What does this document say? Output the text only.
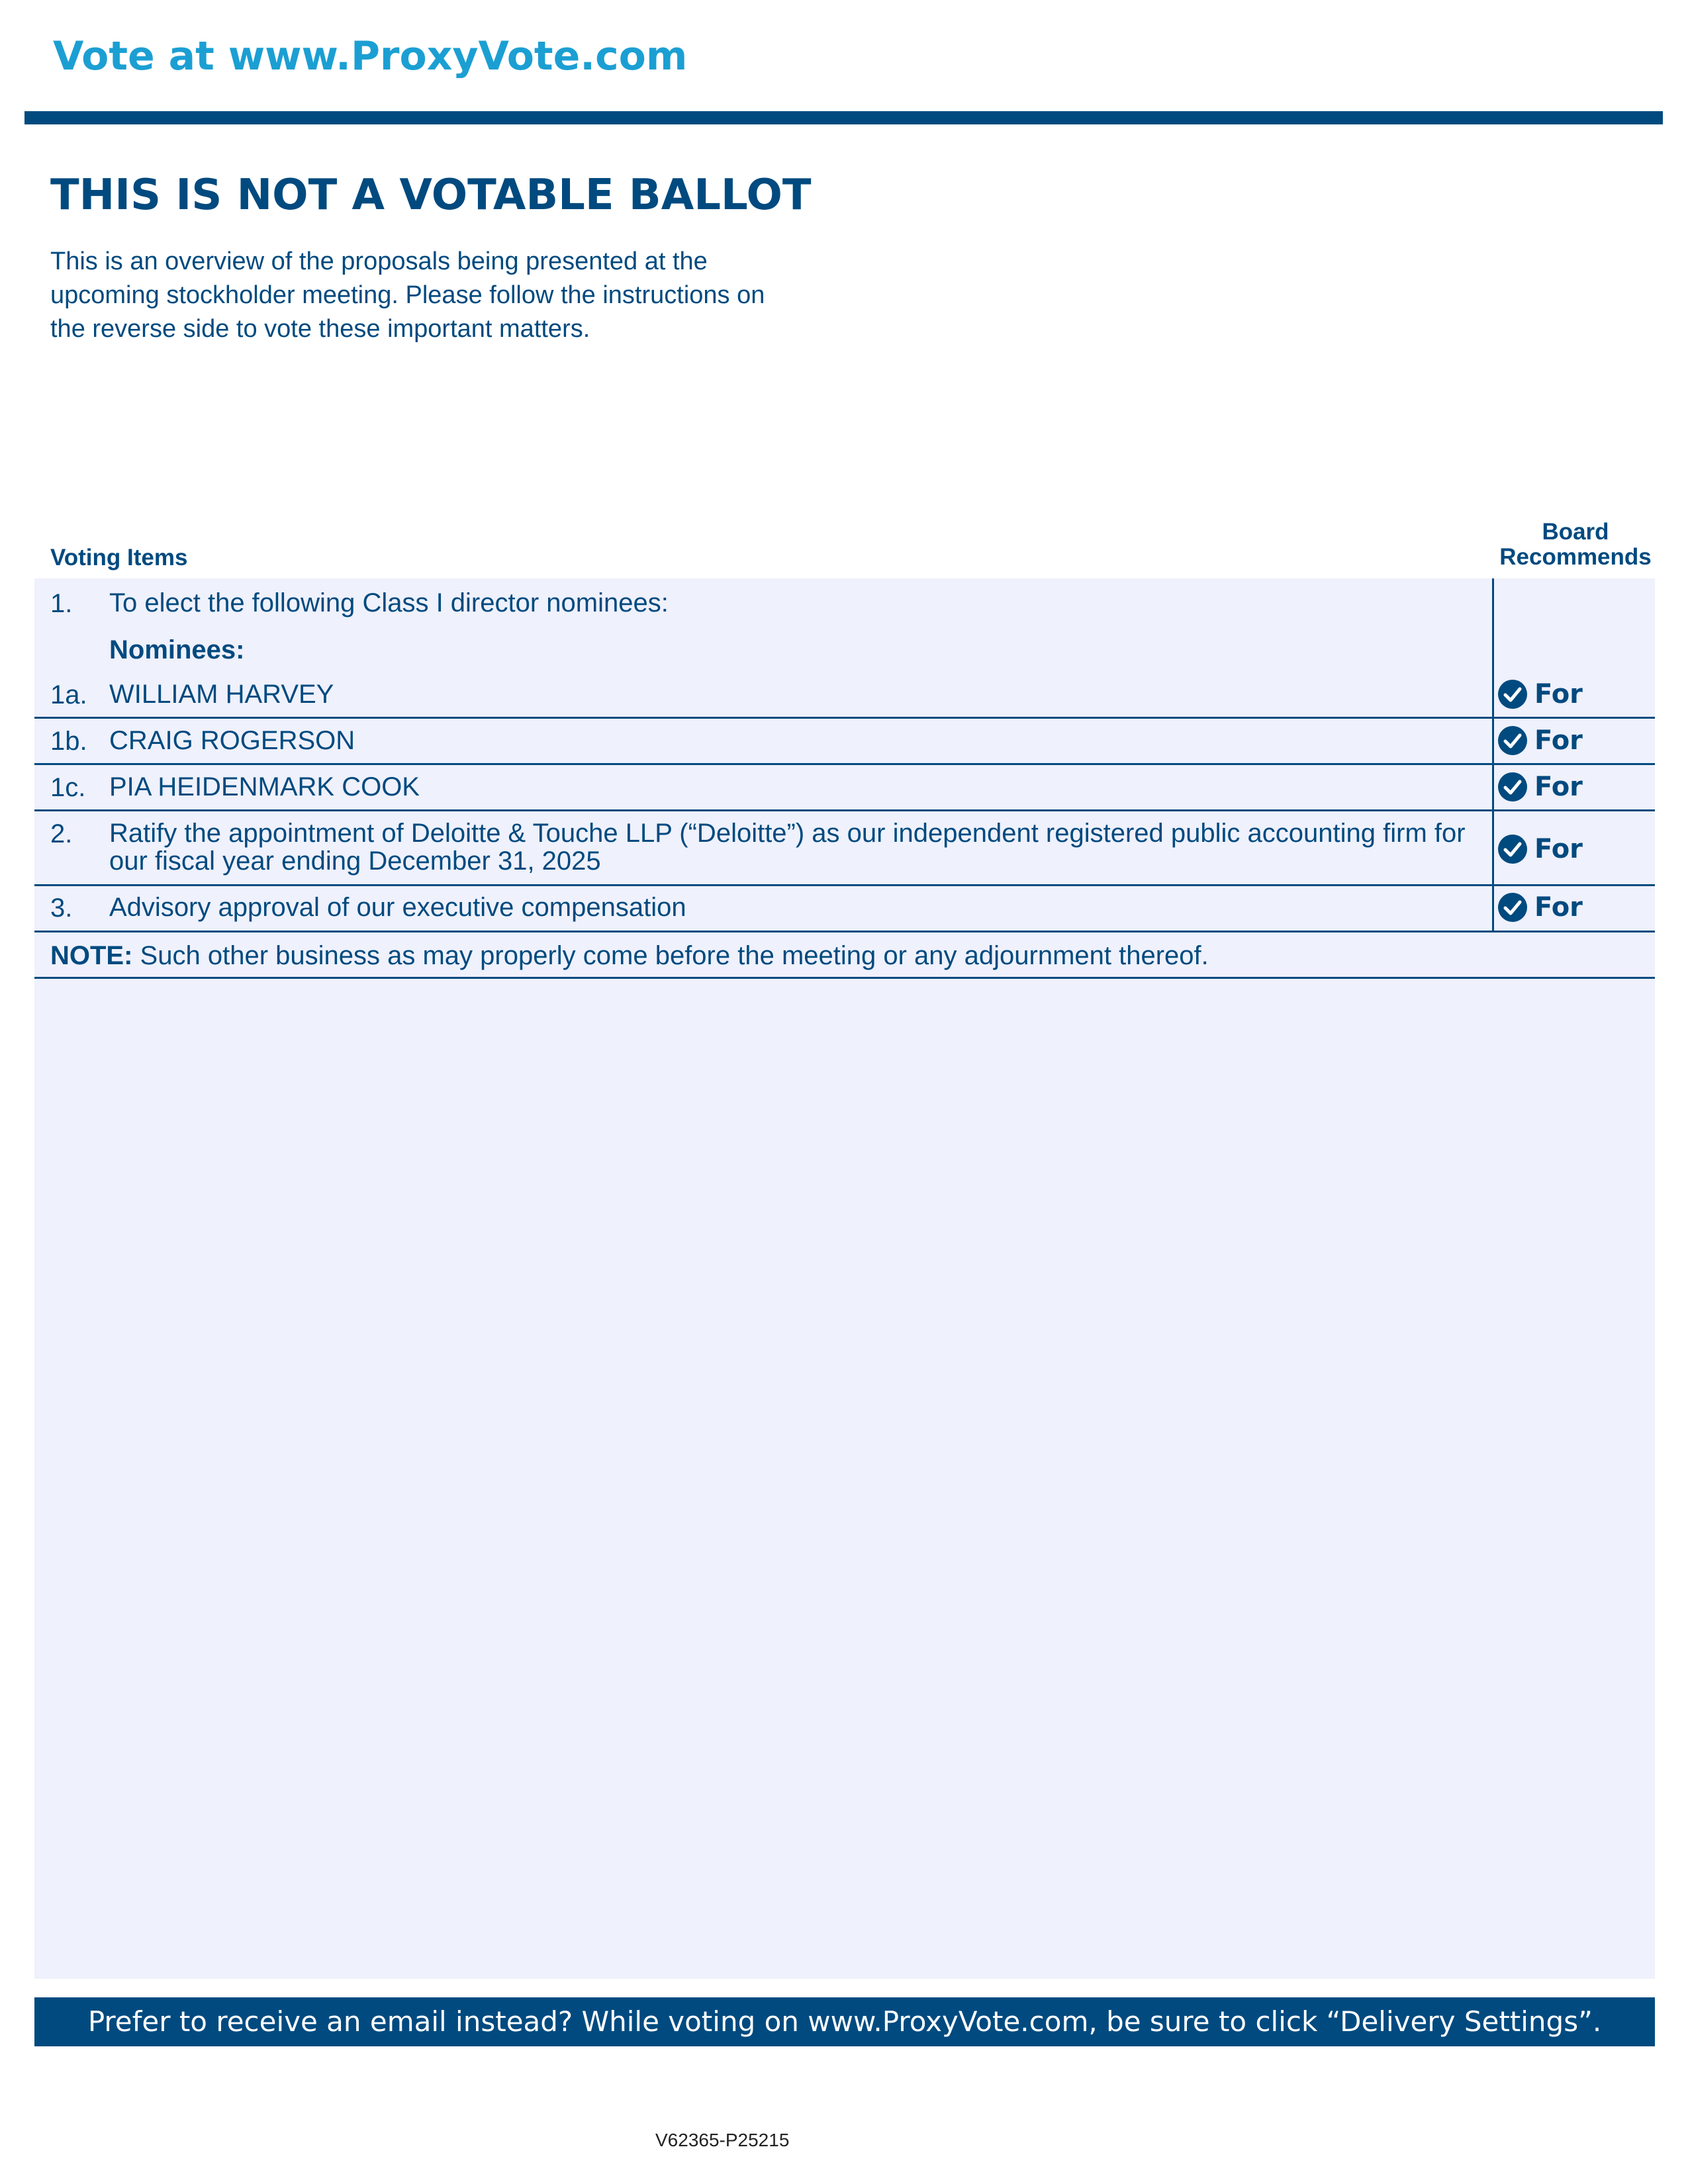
Vote at www.ProxyVote.com
THIS IS NOT A VOTABLE BALLOT
This is an overview of the proposals being presented at the
upcoming stockholder meeting. Please follow the instructions on
the reverse side to vote these important matters.
Voting Items
Board
Recommends
1. To elect the following Class I director nominees:
Nominees:
1a. WILLIAM HARVEY	For
1b. CRAIG ROGERSON	For
1c. PIA HEIDENMARK COOK	For
2. Ratify the appointment of Deloitte & Touche LLP (“Deloitte”) as our independent registered public accounting firm for
our fiscal year ending December 31, 2025	For
3. Advisory approval of our executive compensation	For
NOTE: Such other business as may properly come before the meeting or any adjournment thereof.
Prefer to receive an email instead? While voting on www.ProxyVote.com, be sure to click “Delivery Settings”.
V62365-P25215
